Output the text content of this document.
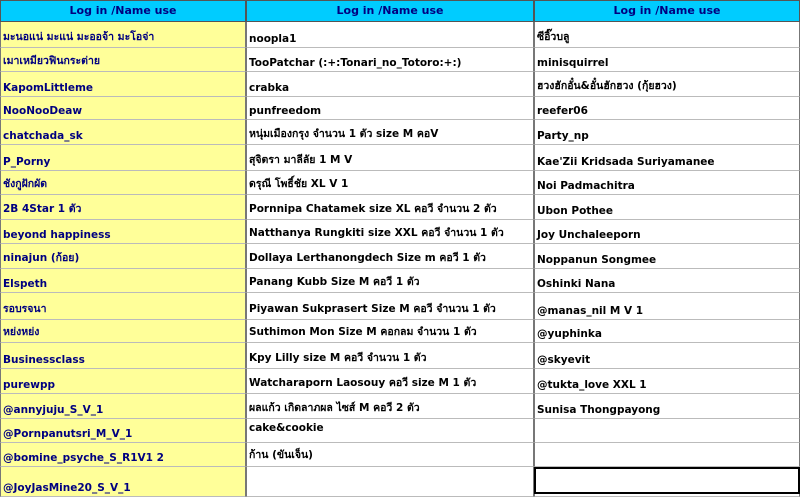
Log in /Name use
มะนอแน่ มะแน่ มะออจ้า มะโอจ่า
เมาเหมียวฟินกระต่าย
KapomLittleme
NooNooDeaw
chatchada_sk
P_Porny
ชังกูฝักผัด
2B 4Star 1 ตัว
beyond happiness
ninajun (ก้อย)
Elspeth
รอบรจนา
หย่งหย่ง
Businessclass
purewpp
@annyjuju_S_V_1
@Pornpanutsri_M_V_1
@bomine_psyche_S_R1V1 2
@JoyJasMine20_S_V_1
Log in /Name use
noopla1
TooPatchar (:+:Tonari_no_Totoro:+:)
crabka
punfreedom
หนุ่มเมืองกรุง จำนวน 1 ตัว size M คอV
สุจิตรา มาลีลัย 1 M V
ดรุณี โพธิ์ชัย XL V 1
Pornnipa Chatamek size XL คอวี จำนวน 2 ตัว
Natthanya Rungkiti size XXL คอวี จำนวน 1 ตัว
Dollaya Lerthanongdech Size m คอวี 1 ตัว
Panang Kubb Size M คอวี 1 ตัว
Piyawan Sukprasert Size M คอวี จำนวน 1 ตัว
Suthimon Mon Size M คอกลม จำนวน 1 ตัว
Kpy Lilly size M คอวี จำนวน 1 ตัว
Watcharaporn Laosouy คอวี size M 1 ตัว
ผลแก้ว เกิดลาภผล ไซส์ M คอวี 2 ตัว
cake&cookie
ก้าน (ขันเจ็น)
Log in /Name use
ซีอิ๊วบลู
minisquirrel
ฮวงฮักอั๋น&อั๋นฮักฮวง (กุ้ยฮวง)
reefer06
Party_np
Kae'Zii Kridsada Suriyamanee
Noi Padmachitra
Ubon Pothee
Joy Unchaleeporn
Noppanun Songmee
Oshinki Nana
@manas_nil M V 1
@yuphinka
@skyevit
@tukta_love XXL 1
Sunisa Thongpayong
